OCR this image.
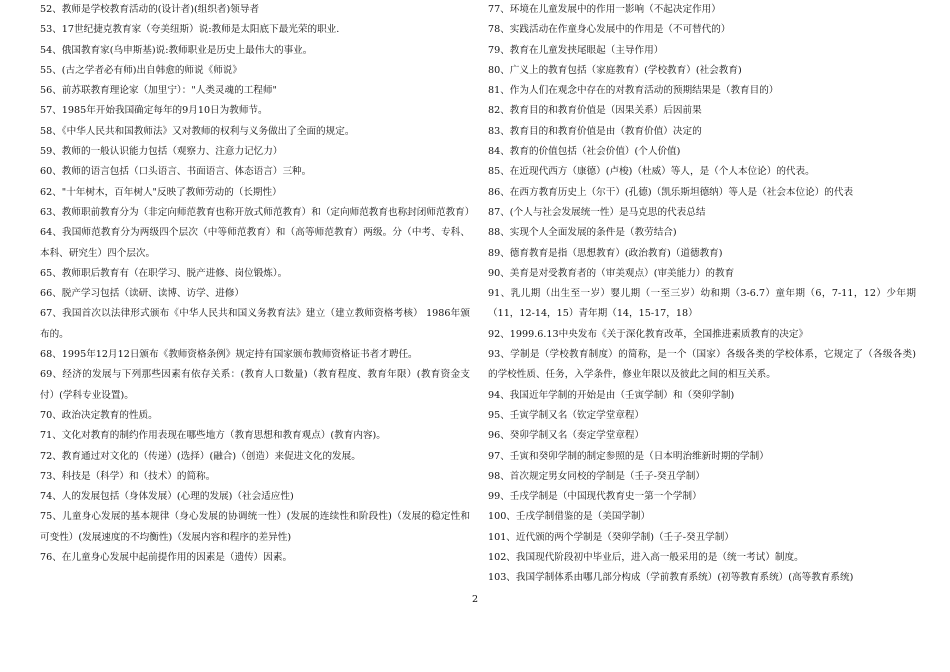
52、教师是学校教育活动的(设计者)(组织者)领导者
53、17世纪捷克教育家（夸美纽斯）说:教师是太阳底下最光荣的职业.
54、俄国教育家(乌申斯基)说:教师职业是历史上最伟大的事业。
55、(古之学者必有师)出自韩愈的师说《师说》
56、前苏联教育理论家（加里宁）："人类灵魂的工程师"
57、1985年开始我国确定每年的9月10日为教师节。
58、《中华人民共和国教师法》又对教师的权利与义务做出了全面的规定。
59、教师的一般认识能力包括（观察力、注意力记忆力）
60、教师的语言包括（口头语言、书面语言、体态语言）三种。
62、"十年树木，百年树人"反映了教师劳动的（长期性）
63、教师职前教育分为（非定向师范教育也称开放式师范教育）和（定向师范教育也称封闭师范教育）
64、我国师范教育分为两级四个层次（中等师范教育）和（高等师范教育）两级。分（中考、专科、本科、研究生）四个层次。
65、教师职后教育有（在职学习、脱产进修、岗位锻炼）。
66、脱产学习包括（读研、读博、访学、进修）
67、我国首次以法律形式颁布《中华人民共和国义务教育法》建立（建立教师资格考核） 1986年颁布的。
68、1995年12月12日颁布《教师资格条例》规定持有国家颁布教师资格证书者才聘任。
69、经济的发展与下列那些因素有依存关系：(教育人口数量)（教育程度、教育年限）(教育资金支付）(学科专业设置)。
70、政治决定教育的性质。
71、文化对教育的制约作用表现在哪些地方（教育思想和教育观点）(教育内容)。
72、教育通过对文化的（传递）(选择）(融合)（创造）来促进文化的发展。
73、科技是（科学）和（技术）的简称。
74、人的发展包括（身体发展）(心理的发展)（社会适应性)
75、儿童身心发展的基本规律（身心发展的协调统一性）(发展的连续性和阶段性)（发展的稳定性和可变性）(发展速度的不均衡性)（发展内容和程序的差异性)
76、在儿童身心发展中起前提作用的因素是（遗传）因素。
77、环境在儿童发展中的作用一影响（不起决定作用）
78、实践活动在作童身心发展中的作用是（不可替代的）
79、教育在儿童发挟尾眼起（主导作用）
80、广义上的教育包括（家庭教育）(学校教育）(社会教育)
81、作为人们在观念中存在的对教育活动的预期结果是（教育目的）
82、教育目的和教育价值是（因果关系）后因前果
83、教育目的和教育价值是由（教育价值）决定的
84、教育的价值包括（社会价值）(个人价值)
85、在近现代西方（康德）(卢梭)（杜威）等人，是（个人本位论）的代表。
86、在西方教育历史上（尔干）(孔德)（凯乐斯坦德纳）等人是（社会本位论）的代表
87、(个人与社会发展统一性）是马克思的代表总结
88、实现个人全面发展的条件是（教劳结合)
89、德育教育是指（思想教育）(政治教育)（道德教育)
90、美育是对受教育者的（审美观点）(审美能力）的教育
91、乳儿期（出生至一岁）婴儿期（一至三岁）幼和期（3-6.7）童年期（6，7-11，12）少年期（11，12-14，15）青年期（14，15-17，18）
92、1999.6.13中央发布《关于深化教育改革，全国推进素质教育的决定》
93、学制是（学校教育制度）的简称，是一个（国家）各级各类的学校体系，它规定了（各级各类)的学校性质、任务，入学条件，修业年限以及彼此之间的相互关系。
94、我国近年学制的开始是由（壬寅学制）和（癸卯学制)
95、壬寅学制又名（钦定学堂章程）
96、癸卯学制又名（奏定学堂章程）
97、壬寅和癸卯学制的制定参照的是（日本明治维新时期的学制）
98、首次规定男女同校的学制是（壬子-癸丑学制）
99、壬戌学制是（中国现代教育史一第一个学制）
100、壬戌学制借鉴的是（美国学制）
101、近代颁的两个学制是（癸卯学制)（壬子-癸丑学制）
102、我国现代阶段初中毕业后，进入高一般采用的是（统一考试）制度。
103、我国学制体系由哪几部分构成（学前教育系统）(初等教育系统）(高等教育系统)
2
